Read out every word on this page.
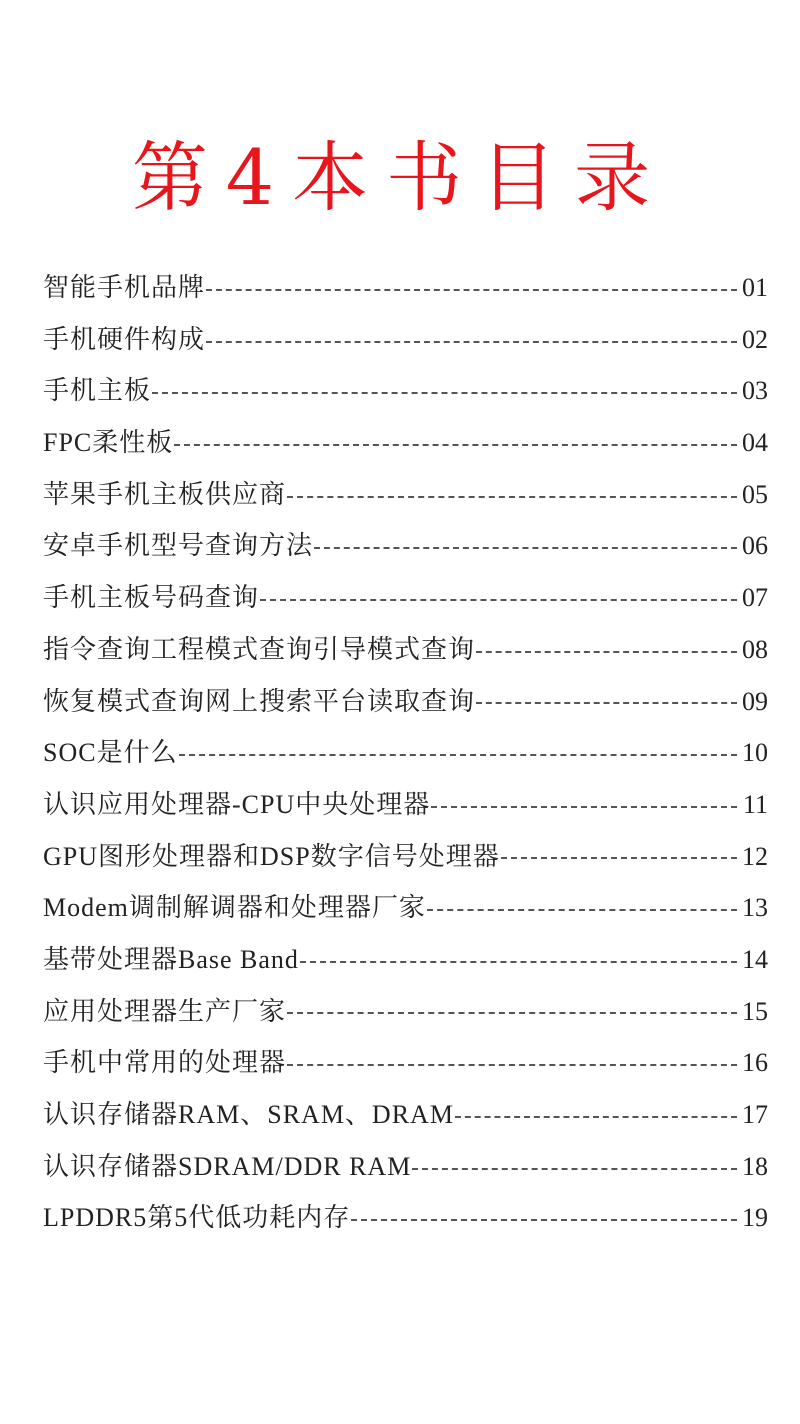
第4本书目录
智能手机品牌	01
手机硬件构成	02
手机主板	03
FPC柔性板	04
苹果手机主板供应商	05
安卓手机型号查询方法	06
手机主板号码查询	07
指令查询工程模式查询引导模式查询	08
恢复模式查询网上搜索平台读取查询	09
SOC是什么	10
认识应用处理器-CPU中央处理器	11
GPU图形处理器和DSP数字信号处理器	12
Modem调制解调器和处理器厂家	13
基带处理器Base Band	14
应用处理器生产厂家	15
手机中常用的处理器	16
认识存储器RAM、SRAM、DRAM	17
认识存储器SDRAM/DDR RAM	18
LPDDR5第5代低功耗内存	19
